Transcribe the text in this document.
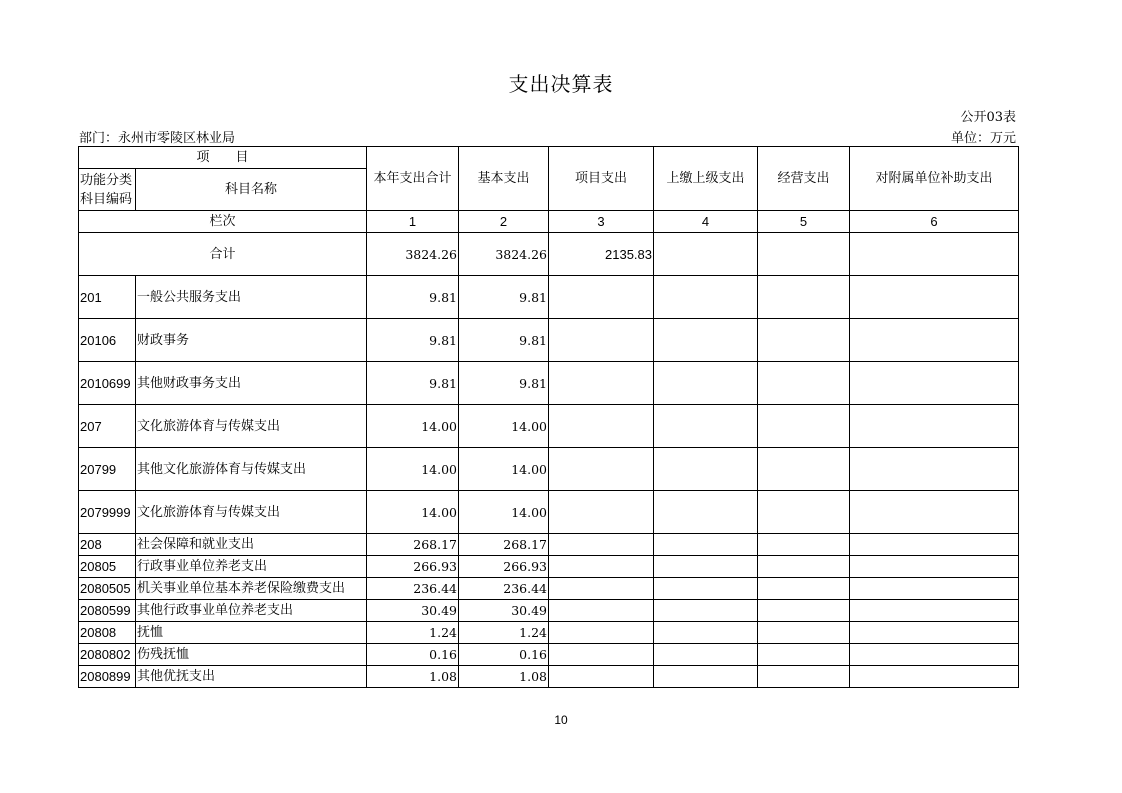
支出决算表
公开03表
部门：永州市零陵区林业局	单位：万元
项　　目		本年支出合计	基本支出	项目支出	上缴上级支出	经营支出	对附属单位补助支出
功能分类科目编码	科目名称						
栏次		1	2	3	4	5	6
合计		3824.26	3824.26	2135.83			
201	一般公共服务支出	9.81	9.81				
20106	财政事务	9.81	9.81				
2010699	其他财政事务支出	9.81	9.81				
207	文化旅游体育与传媒支出	14.00	14.00				
20799	其他文化旅游体育与传媒支出	14.00	14.00				
2079999	文化旅游体育与传媒支出	14.00	14.00				
208	社会保障和就业支出	268.17	268.17				
20805	行政事业单位养老支出	266.93	266.93				
2080505	机关事业单位基本养老保险缴费支出	236.44	236.44				
2080599	其他行政事业单位养老支出	30.49	30.49				
20808	抚恤	1.24	1.24				
2080802	伤残抚恤	0.16	0.16				
2080899	其他优抚支出	1.08	1.08				
10
